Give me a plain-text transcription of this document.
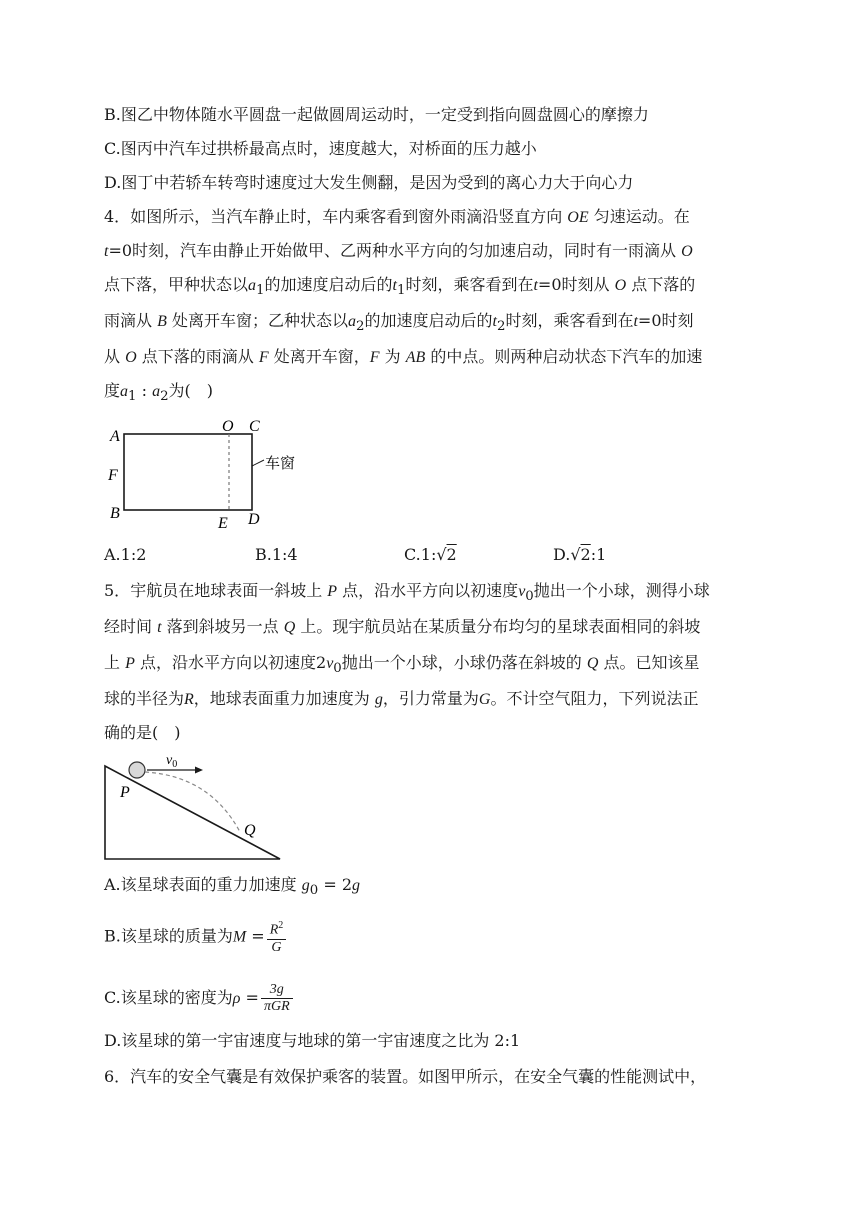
B.图乙中物体随水平圆盘一起做圆周运动时，一定受到指向圆盘圆心的摩擦力
C.图丙中汽车过拱桥最高点时，速度越大，对桥面的压力越小
D.图丁中若轿车转弯时速度过大发生侧翻，是因为受到的离心力大于向心力
4．如图所示，当汽车静止时，车内乘客看到窗外雨滴沿竖直方向 OE 匀速运动。在
t=0时刻，汽车由静止开始做甲、乙两种水平方向的匀加速启动，同时有一雨滴从 O
点下落，甲种状态以$a_1$的加速度启动后的$t_1$时刻，乘客看到在t=0时刻从 O 点下落的
雨滴从 B 处离开车窗；乙种状态以$a_2$的加速度启动后的$t_2$时刻，乘客看到在t=0时刻
从 O 点下落的雨滴从 F 处离开车窗，F 为 AB 的中点。则两种启动状态下汽车的加速
度$a_1$ : $a_2$为(　)
A
O C
F
B
E D
车窗
A.1:2	B.1:4	C.1:√2	D.√2:1
5．宇航员在地球表面一斜坡上 P 点，沿水平方向以初速度$v_0$抛出一个小球，测得小球
经时间 t 落到斜坡另一点 Q 上。现宇航员站在某质量分布均匀的星球表面相同的斜坡
上 P 点，沿水平方向以初速度$2v_0$抛出一个小球，小球仍落在斜坡的 Q 点。已知该星
球的半径为R，地球表面重力加速度为 g，引力常量为G。不计空气阻力，下列说法正
确的是(　)
$v_0$
P
Q
A.该星球表面的重力加速度 $g_0 = 2g$
B.该星球的质量为$M = \frac{R^2}{G}$
C.该星球的密度为$\rho = \frac{3g}{\text{πGR}}$
D.该星球的第一宇宙速度与地球的第一宇宙速度之比为 2:1
6．汽车的安全气囊是有效保护乘客的装置。如图甲所示，在安全气囊的性能测试中，
